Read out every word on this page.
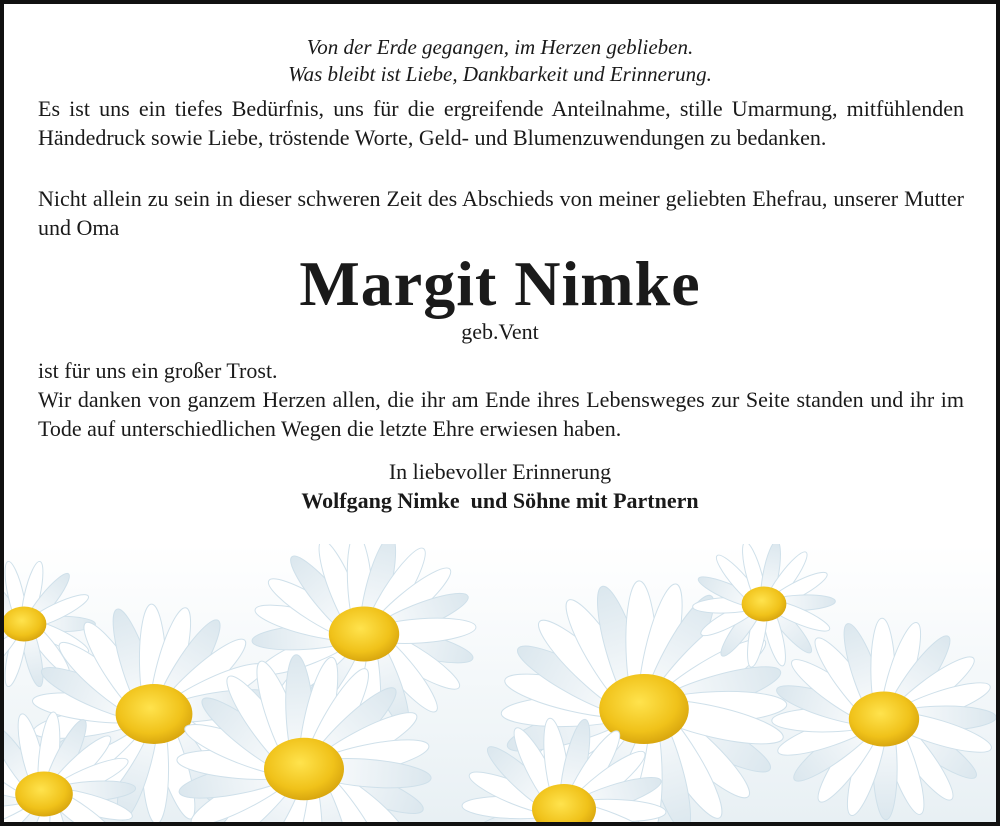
Von der Erde gegangen, im Herzen geblieben.
Was bleibt ist Liebe, Dankbarkeit und Erinnerung.
Es ist uns ein tiefes Bedürfnis, uns für die ergreifende Anteilnahme, stille Umarmung, mitfühlenden Händedruck sowie Liebe, tröstende Worte, Geld- und Blumenzuwendungen zu bedanken.
Nicht allein zu sein in dieser schweren Zeit des Abschieds von meiner geliebten Ehefrau, unserer Mutter und Oma
Margit Nimke
geb.Vent
ist für uns ein großer Trost.
Wir danken von ganzem Herzen allen, die ihr am Ende ihres Lebensweges zur Seite standen und ihr im Tode auf unterschiedlichen Wegen die letzte Ehre erwiesen haben.
In liebevoller Erinnerung
Wolfgang Nimke  und Söhne mit Partnern
